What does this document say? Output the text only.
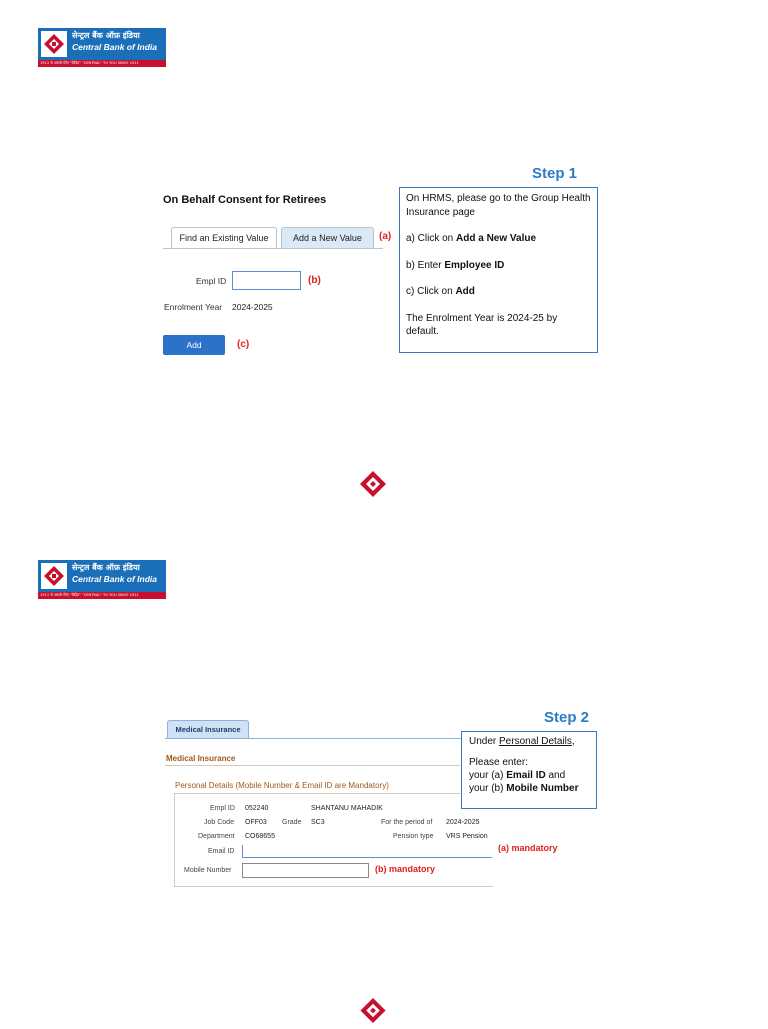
सेन्ट्रल बैंक ऑफ़ इंडिया
Central Bank of India
1911 से आपके लिए "केंद्रित" "CENTRAL" TO YOU SINCE 1911
Step 1
On Behalf Consent for Retirees
Find an Existing Value	Add a New Value	(a)
Empl ID	(b)
Enrolment Year 2024-2025
Add	(c)

On HRMS, please go to the Group Health Insurance page

a) Click on Add a New Value

b) Enter Employee ID

c) Click on Add

The Enrolment Year is 2024-25 by default.

सेन्ट्रल बैंक ऑफ़ इंडिया
Central Bank of India
1911 से आपके लिए "केंद्रित" "CENTRAL" TO YOU SINCE 1911
Step 2
Medical Insurance
Medical Insurance
Personal Details (Mobile Number & Email ID are Mandatory)
Empl ID 052240	SHANTANU MAHADIK
Job Code OFF03 Grade SC3	For the period of 2024-2025
Department CO68655	Pension type VRS Pension
Email ID	(a) mandatory
Mobile Number	(b) mandatory

Under Personal Details,

Please enter:

your (a) Email ID and

your (b) Mobile Number
